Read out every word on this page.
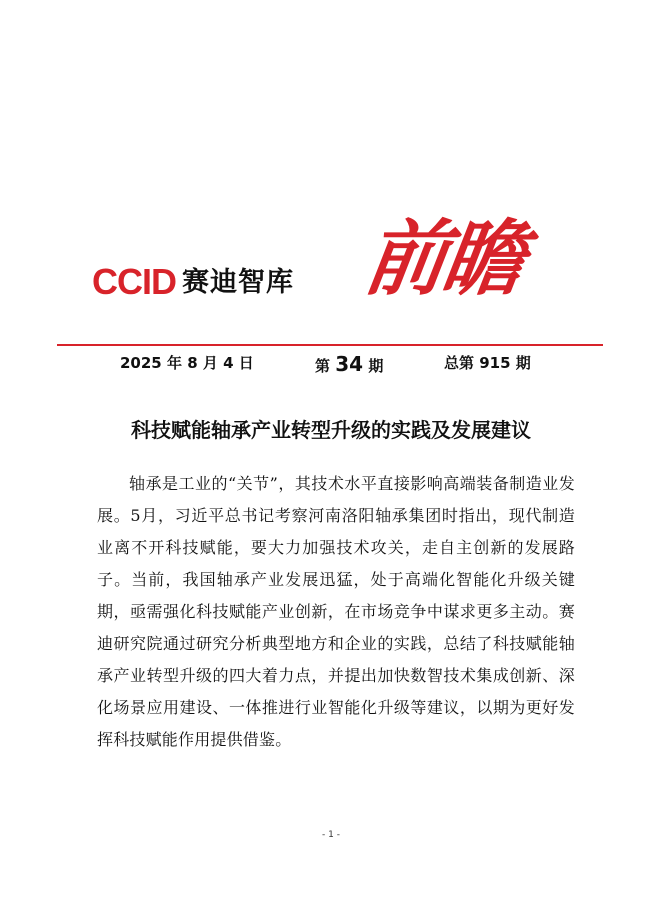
CCID 赛迪智库 前瞻
2025 年 8 月 4 日	第 34 期	总第 915 期
科技赋能轴承产业转型升级的实践及发展建议
轴承是工业的“关节”，其技术水平直接影响高端装备制造业发展。5月，习近平总书记考察河南洛阳轴承集团时指出，现代制造业离不开科技赋能，要大力加强技术攻关，走自主创新的发展路子。当前，我国轴承产业发展迅猛，处于高端化智能化升级关键期，亟需强化科技赋能产业创新，在市场竞争中谋求更多主动。赛迪研究院通过研究分析典型地方和企业的实践，总结了科技赋能轴承产业转型升级的四大着力点，并提出加快数智技术集成创新、深化场景应用建设、一体推进行业智能化升级等建议，以期为更好发挥科技赋能作用提供借鉴。
- 1 -
